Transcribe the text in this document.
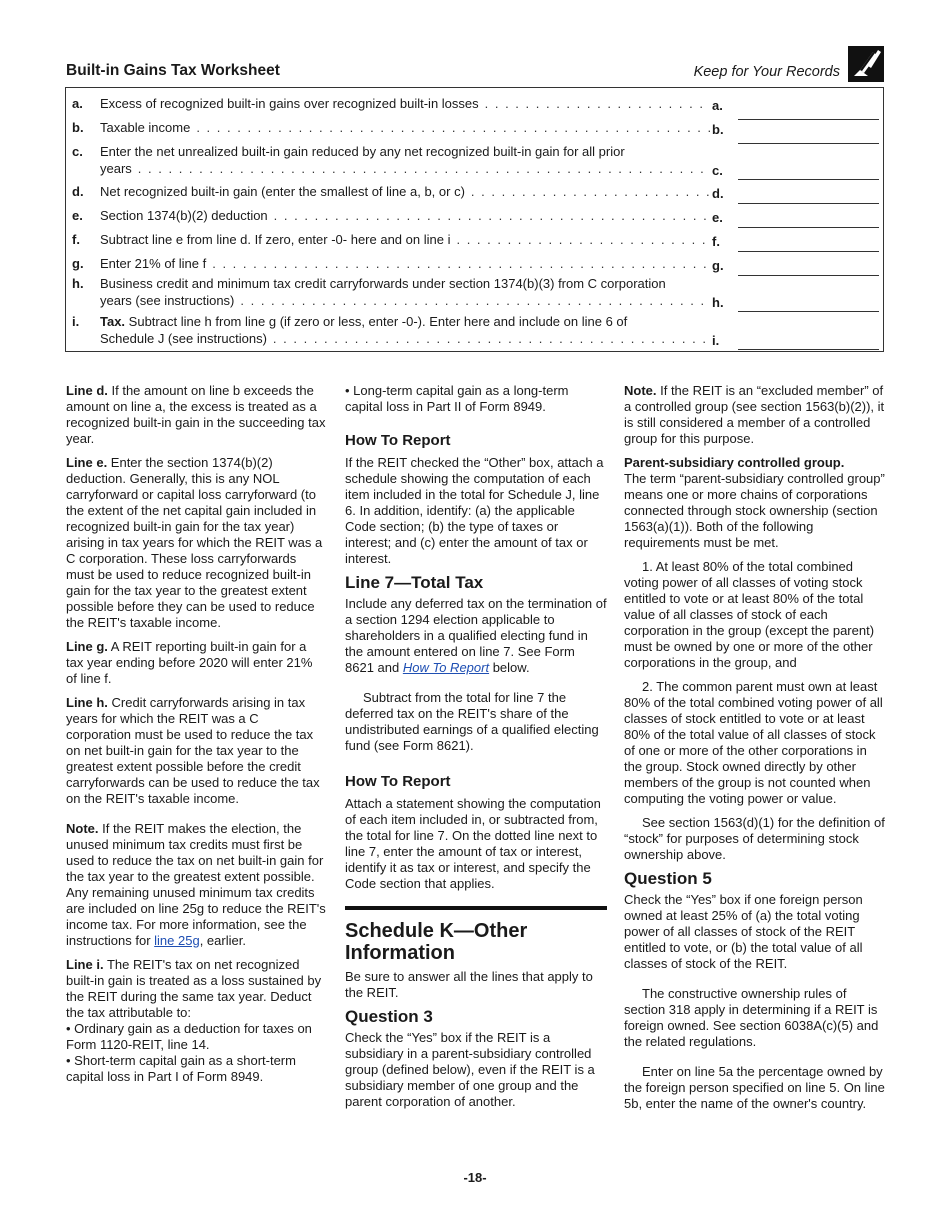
Built-in Gains Tax Worksheet	Keep for Your Records
a. Excess of recognized built-in gains over recognized built-in losses . . .	a.
b. Taxable income . . .	b.
c. Enter the net unrealized built-in gain reduced by any net recognized built-in gain for all prior
years . . .	c.
d. Net recognized built-in gain (enter the smallest of line a, b, or c) . . .	d.
e. Section 1374(b)(2) deduction . . .	e.
f. Subtract line e from line d. If zero, enter -0- here and on line i . . .	f.
g. Enter 21% of line f . . .	g.
h. Business credit and minimum tax credit carryforwards under section 1374(b)(3) from C corporation
years (see instructions) . . .	h.
i. Tax. Subtract line h from line g (if zero or less, enter -0-). Enter here and include on line 6 of
Schedule J (see instructions) . . .	i.

Line d. If the amount on line b exceeds the amount on line a, the excess is treated as a recognized built-in gain in the succeeding tax year.

Line e. Enter the section 1374(b)(2) deduction. Generally, this is any NOL carryforward or capital loss carryforward (to the extent of the net capital gain included in recognized built-in gain for the tax year) arising in tax years for which the REIT was a C corporation. These loss carryforwards must be used to reduce recognized built-in gain for the tax year to the greatest extent possible before they can be used to reduce the REIT's taxable income.

Line g. A REIT reporting built-in gain for a tax year ending before 2020 will enter 21% of line f.

Line h. Credit carryforwards arising in tax years for which the REIT was a C corporation must be used to reduce the tax on net built-in gain for the tax year to the greatest extent possible before the credit carryforwards can be used to reduce the tax on the REIT's taxable income.

Note. If the REIT makes the election, the unused minimum tax credits must first be used to reduce the tax on net built-in gain for the tax year to the greatest extent possible. Any remaining unused minimum tax credits are included on line 25g to reduce the REIT's income tax. For more information, see the instructions for line 25g, earlier.

Line i. The REIT's tax on net recognized built-in gain is treated as a loss sustained by the REIT during the same tax year. Deduct the tax attributable to:

• Ordinary gain as a deduction for taxes on Form 1120-REIT, line 14.

• Short-term capital gain as a short-term capital loss in Part I of Form 8949.

• Long-term capital gain as a long-term capital loss in Part II of Form 8949.

How To Report

If the REIT checked the “Other” box, attach a schedule showing the computation of each item included in the total for Schedule J, line 6. In addition, identify: (a) the applicable Code section; (b) the type of taxes or interest; and (c) enter the amount of tax or interest.

Line 7—Total Tax

Include any deferred tax on the termination of a section 1294 election applicable to shareholders in a qualified electing fund in the amount entered on line 7. See Form 8621 and How To Report below.

Subtract from the total for line 7 the deferred tax on the REIT's share of the undistributed earnings of a qualified electing fund (see Form 8621).

How To Report

Attach a statement showing the computation of each item included in, or subtracted from, the total for line 7. On the dotted line next to line 7, enter the amount of tax or interest, identify it as tax or interest, and specify the Code section that applies.

Schedule K—Other Information

Be sure to answer all the lines that apply to the REIT.

Question 3

Check the “Yes” box if the REIT is a subsidiary in a parent-subsidiary controlled group (defined below), even if the REIT is a subsidiary member of one group and the parent corporation of another.

Note. If the REIT is an “excluded member” of a controlled group (see section 1563(b)(2)), it is still considered a member of a controlled group for this purpose.

Parent-subsidiary controlled group.
The term “parent-subsidiary controlled group” means one or more chains of corporations connected through stock ownership (section 1563(a)(1)). Both of the following requirements must be met.

1. At least 80% of the total combined voting power of all classes of voting stock entitled to vote or at least 80% of the total value of all classes of stock of each corporation in the group (except the parent) must be owned by one or more of the other corporations in the group, and

2. The common parent must own at least 80% of the total combined voting power of all classes of stock entitled to vote or at least 80% of the total value of all classes of stock of one or more of the other corporations in the group. Stock owned directly by other members of the group is not counted when computing the voting power or value.

See section 1563(d)(1) for the definition of “stock” for purposes of determining stock ownership above.

Question 5

Check the “Yes” box if one foreign person owned at least 25% of (a) the total voting power of all classes of stock of the REIT entitled to vote, or (b) the total value of all classes of stock of the REIT.

The constructive ownership rules of section 318 apply in determining if a REIT is foreign owned. See section 6038A(c)(5) and the related regulations.

Enter on line 5a the percentage owned by the foreign person specified on line 5. On line 5b, enter the name of the owner's country.

-18-
